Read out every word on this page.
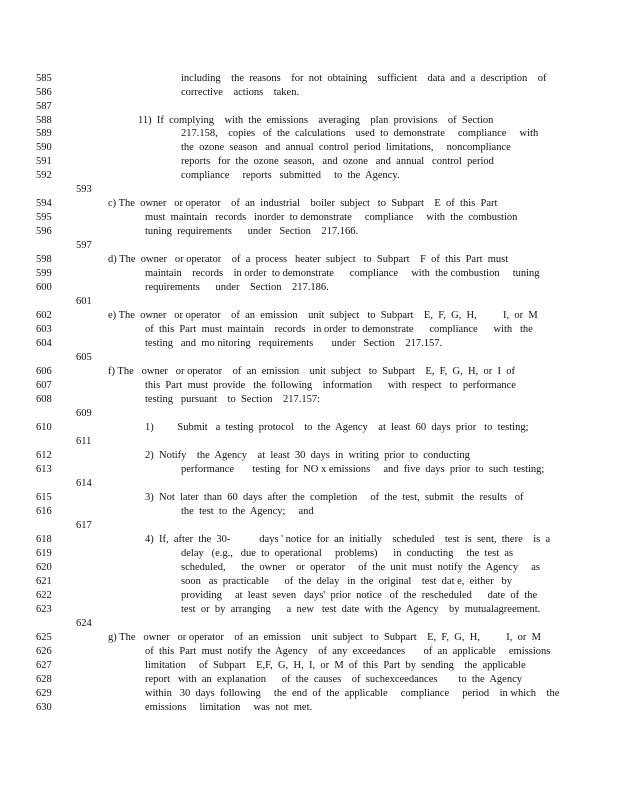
585	including    the  reasons    for  not  obtaining    sufficient    data  and  a  description    of
586	corrective    actions    taken.
587
588	11)  If  complying    with  the  emissions    averaging    plan  provisions    of  Section
589	217.158,    copies   of  the  calculations    used  to  demonstrate     compliance     with
590	the  ozone  season   and  annual  control  period  limitations,     noncompliance
591	reports   for  the  ozone  season,   and  ozone   and  annual   control  period
592	compliance     reports   submitted     to  the  Agency.
593
594	c) The  owner   or operator    of  an  industrial    boiler  subject   to  Subpart    E  of  this  Part
595	must  maintain   records   inorder  to demonstrate     compliance     with  the  combustion
596	tuning  requirements      under   Section    217.166.
597
598	d) The  owner   or operator    of  a  process   heater  subject   to  Subpart    F  of  this  Part  must
599	maintain    records    in order  to demonstrate      compliance     with  the combustion     tuning
600	requirements      under    Section    217.186.
601
602	e) The  owner   or operator    of  an  emission    unit  subject   to  Subpart    E,  F,  G,  H,          I,  or  M
603	of  this  Part  must  maintain    records   in order  to demonstrate      compliance      with   the
604	testing   and  mo nitoring   requirements       under   Section    217.157.
605
606	f) The   owner   or operator    of  an  emission    unit  subject   to  Subpart    E,  F,  G,  H,  or  I  of
607	this  Part  must  provide   the  following    information      with  respect   to  performance
608	testing   pursuant    to  Section    217.157:
609
610	1)         Submit   a  testing  protocol    to  the  Agency    at  least  60  days  prior   to  testing;
611
612	2)  Notify    the  Agency    at  least  30  days  in  writing  prior  to  conducting
613	performance       testing  for  NO x emissions     and  five  days  prior  to  such  testing;
614
615	3)  Not  later  than  60  days  after  the  completion     of  the  test,  submit   the  results   of
616	the  test  to  the  Agency;     and
617
618	4)  If,  after  the  30-           days ' notice  for  an  initially    scheduled    test  is  sent,  there    is  a
619	delay   (e.g.,   due  to  operational     problems)      in  conducting     the  test  as
620	scheduled,      the  owner    or  operator     of  the  unit  must  notify  the  Agency     as
621	soon   as  practicable      of  the  delay   in  the  original    test  dat e,  either   by
622	providing     at  least  seven   days'  prior  notice   of  the  rescheduled      date  of  the
623	test  or  by  arranging      a  new   test  date  with  the  Agency    by  mutualagreement.
624
625	g) The   owner   or operator    of  an  emission    unit  subject   to  Subpart    E,  F,  G,  H,          I,  or  M
626	of  this  Part  must  notify  the  Agency    of  any  exceedances       of  an  applicable     emissions
627	limitation     of  Subpart    E,F,  G,  H,  I,  or  M  of  this  Part  by  sending    the  applicable
628	report   with  an  explanation      of  the  causes    of  suchexceedances        to  the  Agency
629	within   30  days  following     the  end  of  the  applicable     compliance     period    in which    the
630	emissions     limitation     was  not  met.
